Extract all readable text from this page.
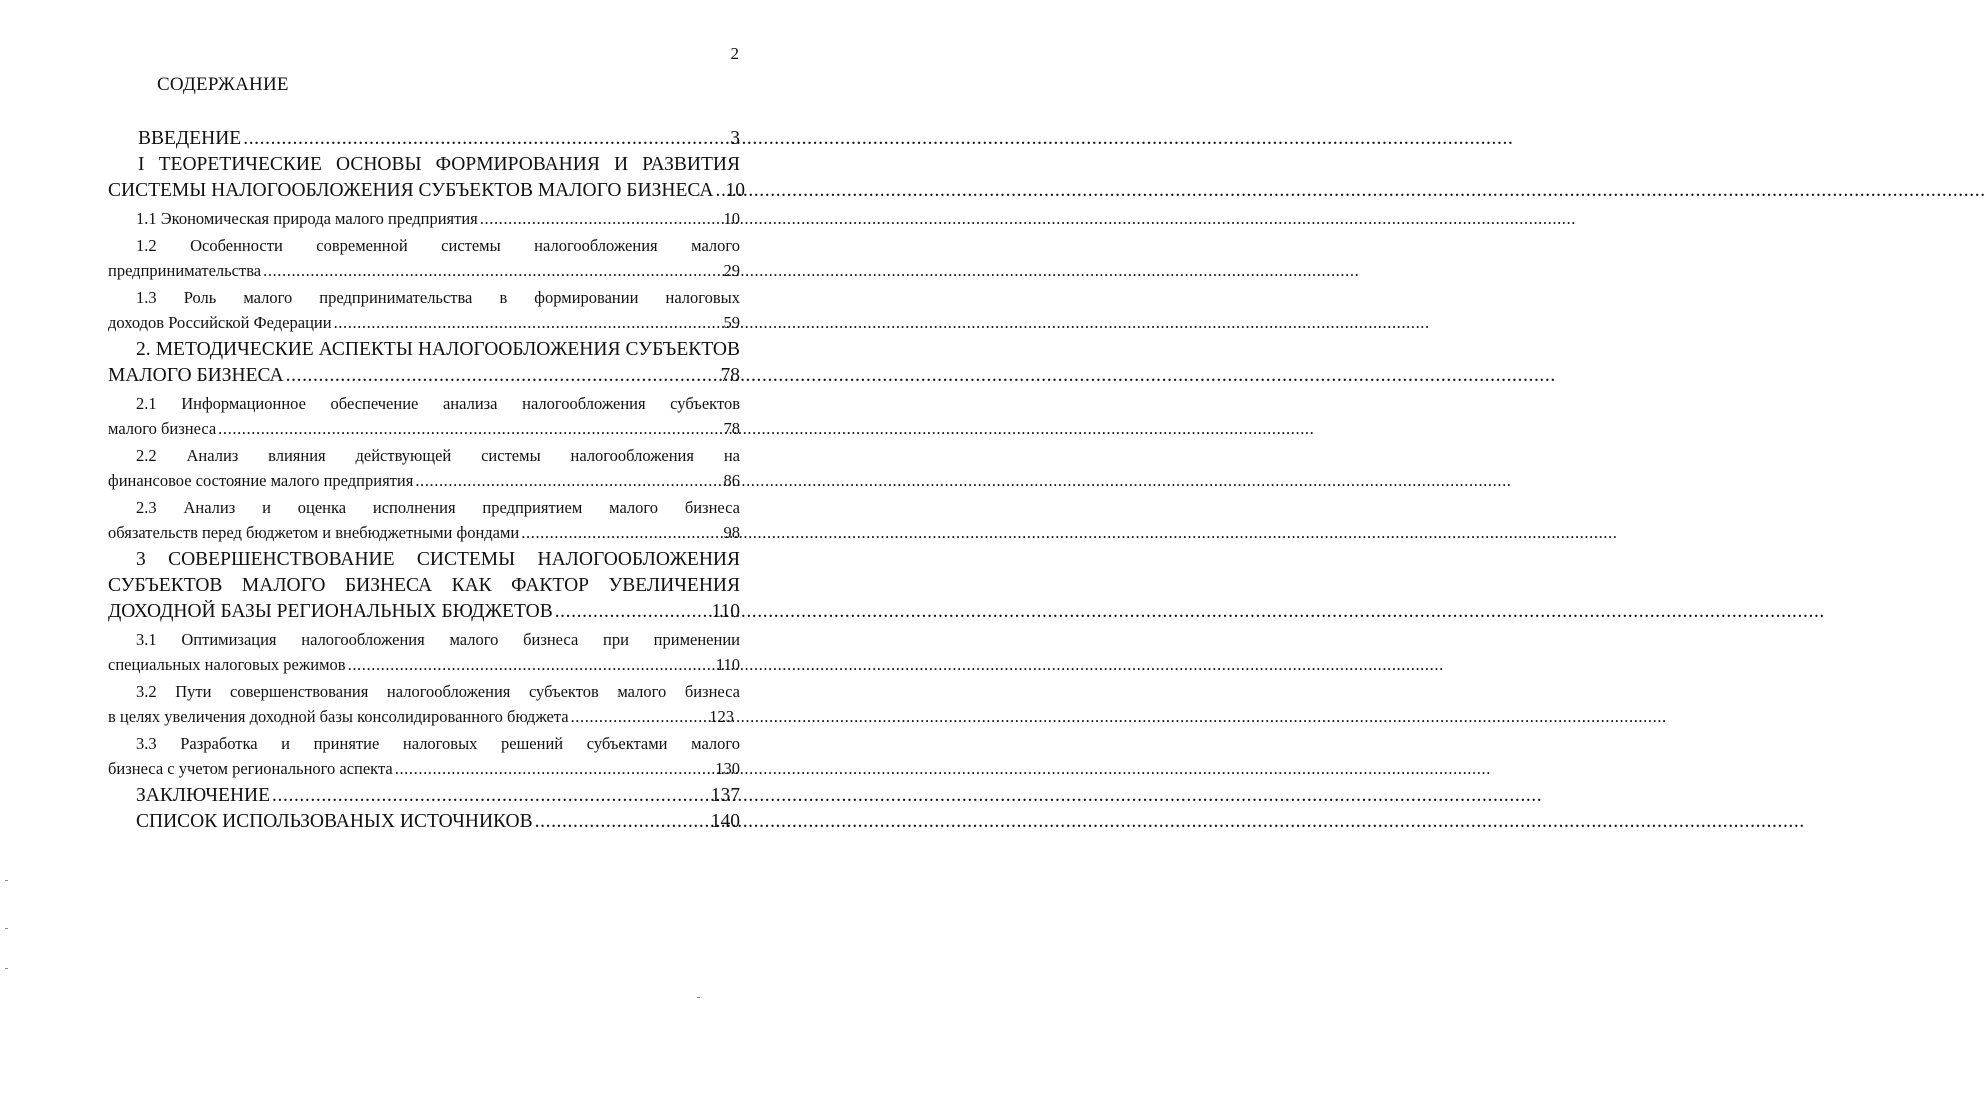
2
СОДЕРЖАНИЕ
ВВЕДЕНИЕ .....	3
I ТЕОРЕТИЧЕСКИЕ ОСНОВЫ ФОРМИРОВАНИЯ И РАЗВИТИЯ
СИСТЕМЫ НАЛОГООБЛОЖЕНИЯ СУБЪЕКТОВ МАЛОГО БИЗНЕСА ..... 10
1.1 Экономическая природа малого предприятия .....	10
1.2 Особенности современной системы налогообложения малого
предпринимательства .....	29
1.3 Роль малого предпринимательства в формировании налоговых
доходов Российской Федерации .....	59
2. МЕТОДИЧЕСКИЕ АСПЕКТЫ НАЛОГООБЛОЖЕНИЯ СУБЪЕКТОВ
МАЛОГО БИЗНЕСА .....	78
2.1 Информационное обеспечение анализа налогообложения субъектов
малого бизнеса .....	78
2.2 Анализ влияния действующей системы налогообложения на
финансовое состояние малого предприятия .....	86
2.3 Анализ и оценка исполнения предприятием малого бизнеса
обязательств перед бюджетом и внебюджетными фондами .....	98
3 СОВЕРШЕНСТВОВАНИЕ СИСТЕМЫ НАЛОГООБЛОЖЕНИЯ
СУБЪЕКТОВ МАЛОГО БИЗНЕСА КАК ФАКТОР УВЕЛИЧЕНИЯ
ДОХОДНОЙ БАЗЫ РЕГИОНАЛЬНЫХ БЮДЖЕТОВ .....	110
3.1 Оптимизация налогообложения малого бизнеса при применении
специальных налоговых режимов .....	110
3.2 Пути совершенствования налогообложения субъектов малого бизнеса
в целях увеличения доходной базы консолидированного бюджета .....	123
3.3 Разработка и принятие налоговых решений субъектами малого
бизнеса с учетом регионального аспекта .....	130
ЗАКЛЮЧЕНИЕ .....	137
СПИСОК ИСПОЛЬЗОВАНЫХ ИСТОЧНИКОВ .....	140
